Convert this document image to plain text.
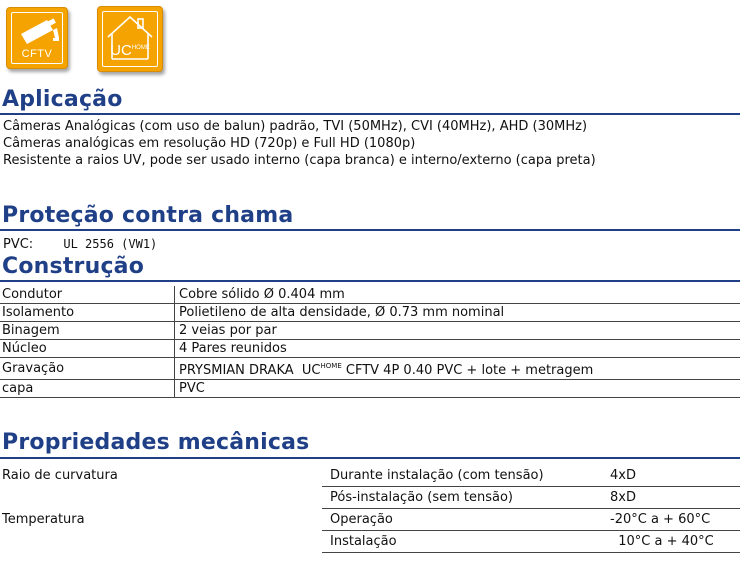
CFTV	$UC^{HOME}$
Aplicação
Câmeras Analógicas (com uso de balun) padrão, TVI (50MHz), CVI (40MHz), AHD (30MHz)
Câmeras analógicas em resolução HD (720p) e Full HD (1080p)
Resistente a raios UV, pode ser usado interno (capa branca) e interno/externo (capa preta)
Proteção contra chama
PVC:	UL 2556 (VW1)
Construção
Condutor	Cobre sólido Ø 0.404 mm
Isolamento	Polietileno de alta densidade, Ø 0.73 mm nominal
Binagem	2 veias por par
Núcleo	4 Pares reunidos
Gravação	PRYSMIAN DRAKA  $UC^{HOME}$ CFTV 4P 0.40 PVC + lote + metragem
capa	PVC
Propriedades mecânicas
Raio de curvatura	Durante instalação (com tensão)	4xD
	Pós-instalação (sem tensão)	8xD
Temperatura	Operação	-20°C a + 60°C
	Instalação	10°C a + 40°C
